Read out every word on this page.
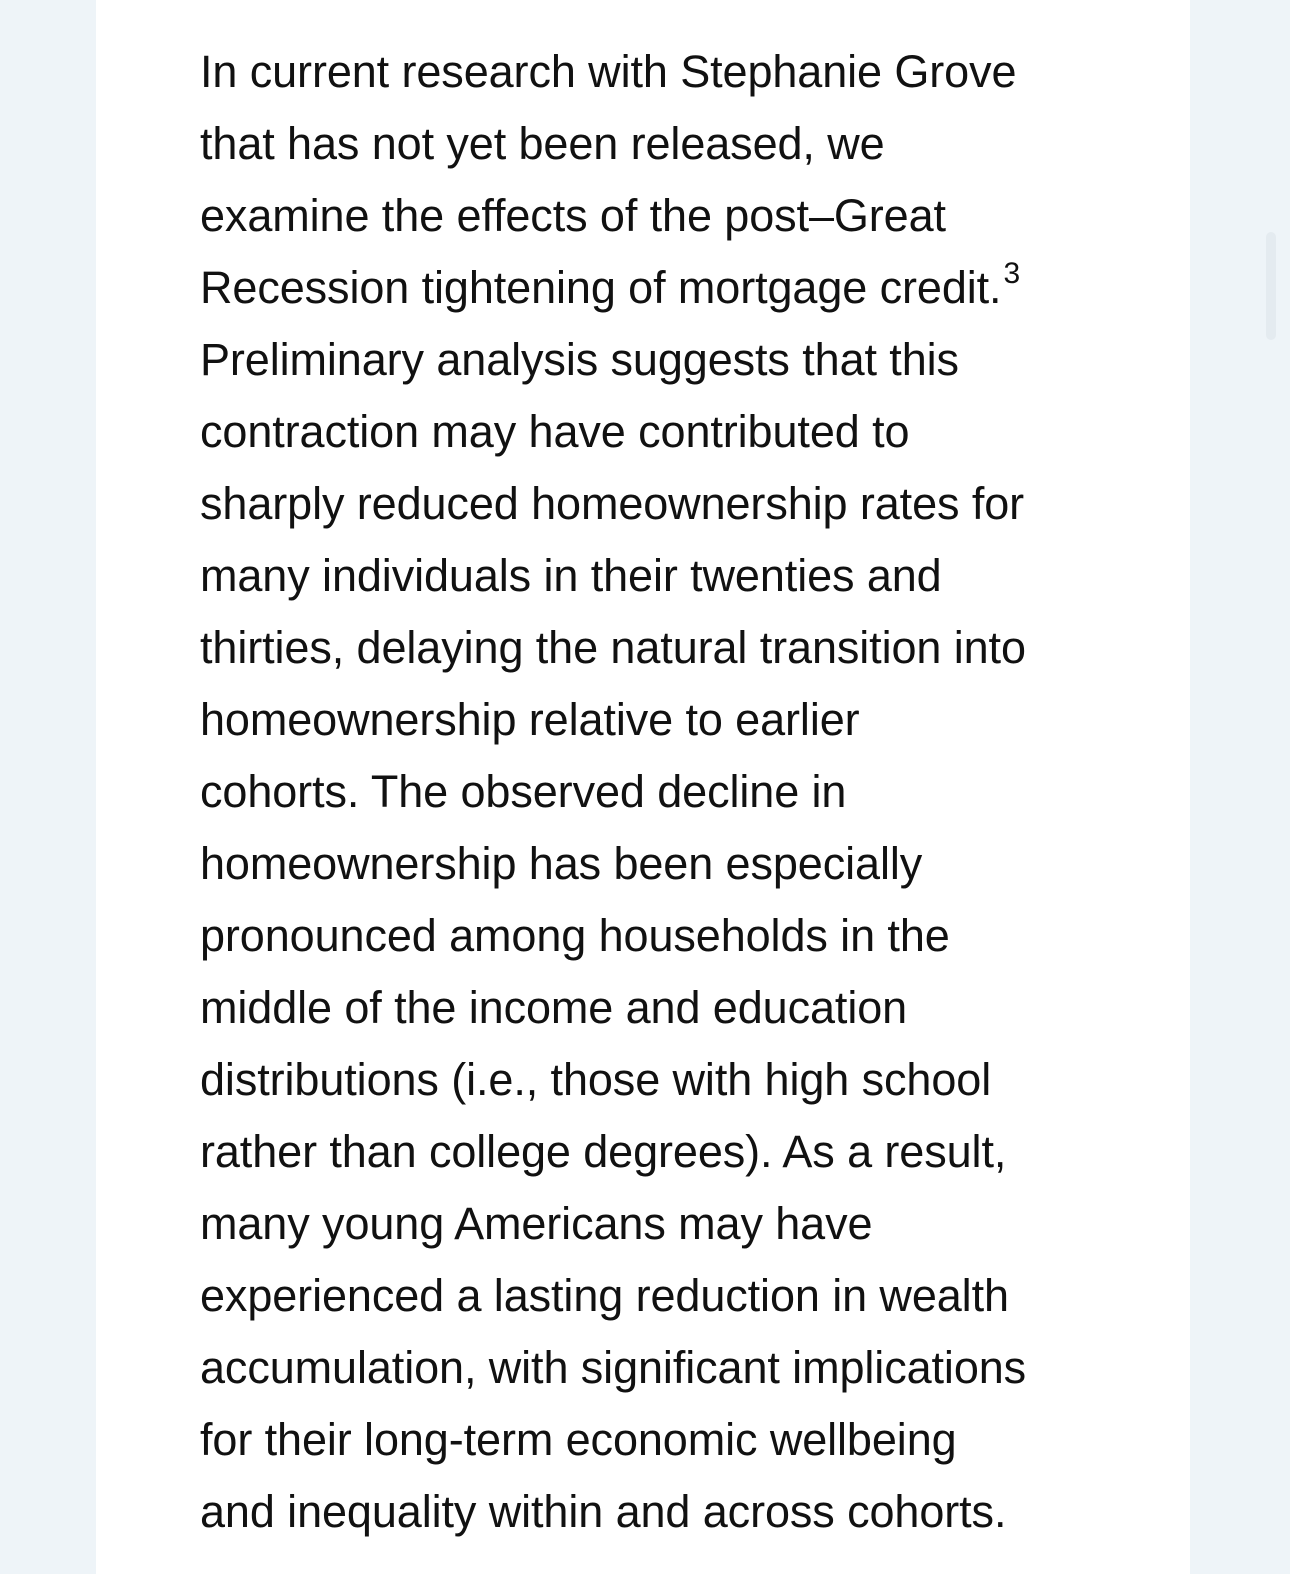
In current research with Stephanie Grove
that has not yet been released, we
examine the effects of the post–Great
Recession tightening of mortgage credit.$^3$
Preliminary analysis suggests that this
contraction may have contributed to
sharply reduced homeownership rates for
many individuals in their twenties and
thirties, delaying the natural transition into
homeownership relative to earlier
cohorts. The observed decline in
homeownership has been especially
pronounced among households in the
middle of the income and education
distributions (i.e., those with high school
rather than college degrees). As a result,
many young Americans may have
experienced a lasting reduction in wealth
accumulation, with significant implications
for their long-term economic wellbeing
and inequality within and across cohorts.
